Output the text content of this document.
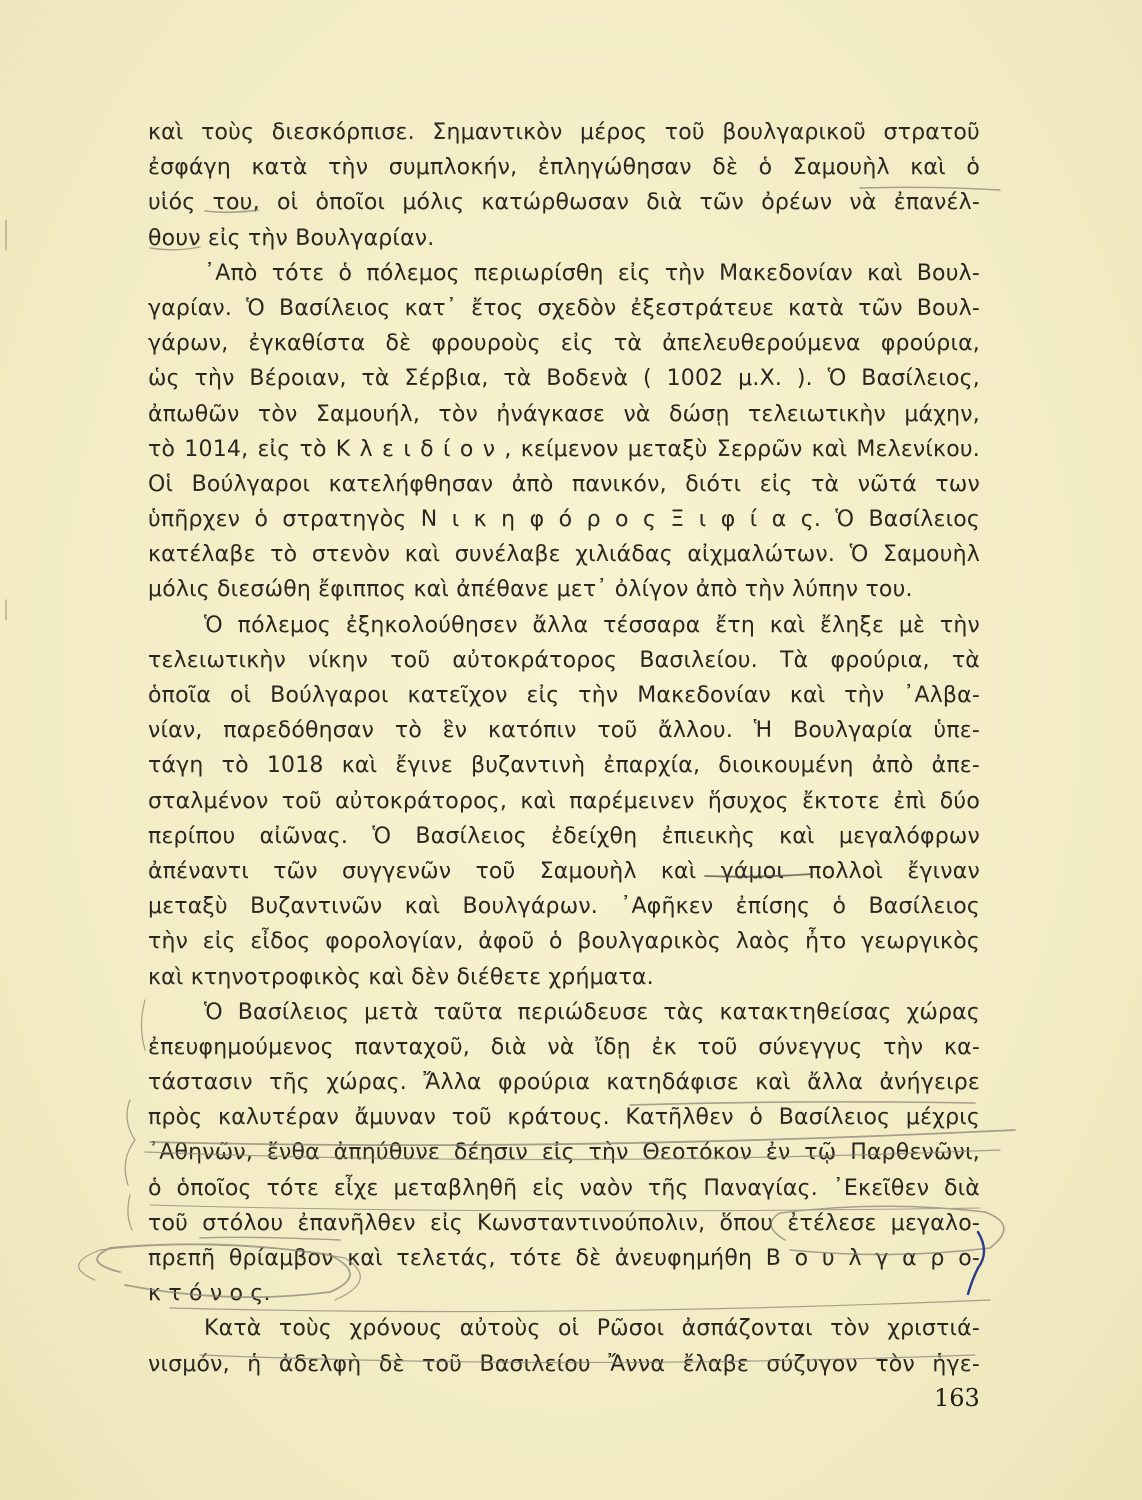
καὶ τοὺς διεσκόρπισε. Σημαντικὸν μέρος τοῦ βουλγαρικοῦ στρατοῦ
ἐσφάγη κατὰ τὴν συμπλοκήν, ἐπληγώθησαν δὲ ὁ Σαμουὴλ καὶ ὁ
υἱός του, οἱ ὁποῖοι μόλις κατώρθωσαν διὰ τῶν ὀρέων νὰ ἐπανέλ-
θουν εἰς τὴν Βουλγαρίαν.
᾿Απὸ τότε ὁ πόλεμος περιωρίσθη εἰς τὴν Μακεδονίαν καὶ Βουλ-
γαρίαν. Ὁ Βασίλειος κατ᾿ ἔτος σχεδὸν ἐξεστράτευε κατὰ τῶν Βουλ-
γάρων, ἐγκαθίστα δὲ φρουροὺς εἰς τὰ ἀπελευθερούμενα φρούρια,
ὡς τὴν Βέροιαν, τὰ Σέρβια, τὰ Βοδενὰ ( 1002 μ.Χ. ). Ὁ Βασίλειος,
ἀπωθῶν τὸν Σαμουήλ, τὸν ἠνάγκασε νὰ δώσῃ τελειωτικὴν μάχην,
τὸ 1014, εἰς τὸ Κ λ ε ι δ ί ο ν , κείμενον μεταξὺ Σερρῶν καὶ Μελενίκου.
Οἱ Βούλγαροι κατελήφθησαν ἀπὸ πανικόν, διότι εἰς τὰ νῶτά των
ὑπῆρχεν ὁ στρατηγὸς Ν ι κ η φ ό ρ ο ς Ξ ι φ ί α ς. Ὁ Βασίλειος
κατέλαβε τὸ στενὸν καὶ συνέλαβε χιλιάδας αἰχμαλώτων. Ὁ Σαμουὴλ
μόλις διεσώθη ἔφιππος καὶ ἀπέθανε μετ᾿ ὀλίγον ἀπὸ τὴν λύπην του.
Ὁ πόλεμος ἐξηκολούθησεν ἄλλα τέσσαρα ἔτη καὶ ἔληξε μὲ τὴν
τελειωτικὴν νίκην τοῦ αὐτοκράτορος Βασιλείου. Τὰ φρούρια, τὰ
ὁποῖα οἱ Βούλγαροι κατεῖχον εἰς τὴν Μακεδονίαν καὶ τὴν ᾿Αλβα-
νίαν, παρεδόθησαν τὸ ἓν κατόπιν τοῦ ἄλλου. Ἡ Βουλγαρία ὑπε-
τάγη τὸ 1018 καὶ ἔγινε βυζαντινὴ ἐπαρχία, διοικουμένη ἀπὸ ἀπε-
σταλμένον τοῦ αὐτοκράτορος, καὶ παρέμεινεν ἥσυχος ἔκτοτε ἐπὶ δύο
περίπου αἰῶνας. Ὁ Βασίλειος ἐδείχθη ἐπιεικὴς καὶ μεγαλόφρων
ἀπέναντι τῶν συγγενῶν τοῦ Σαμουὴλ καὶ γάμοι πολλοὶ ἔγιναν
μεταξὺ Βυζαντινῶν καὶ Βουλγάρων. ᾿Αφῆκεν ἐπίσης ὁ Βασίλειος
τὴν εἰς εἶδος φορολογίαν, ἀφοῦ ὁ βουλγαρικὸς λαὸς ἦτο γεωργικὸς
καὶ κτηνοτροφικὸς καὶ δὲν διέθετε χρήματα.
Ὁ Βασίλειος μετὰ ταῦτα περιώδευσε τὰς κατακτηθείσας χώρας
ἐπευφημούμενος πανταχοῦ, διὰ νὰ ἴδῃ ἐκ τοῦ σύνεγγυς τὴν κα-
τάστασιν τῆς χώρας. Ἄλλα φρούρια κατηδάφισε καὶ ἄλλα ἀνήγειρε
πρὸς καλυτέραν ἄμυναν τοῦ κράτους. Κατῆλθεν ὁ Βασίλειος μέχρις
᾿Αθηνῶν, ἔνθα ἀπηύθυνε δέησιν εἰς τὴν Θεοτόκον ἐν τῷ Παρθενῶνι,
ὁ ὁποῖος τότε εἶχε μεταβληθῆ εἰς ναὸν τῆς Παναγίας. ᾿Εκεῖθεν διὰ
τοῦ στόλου ἐπανῆλθεν εἰς Κωνσταντινούπολιν, ὅπου ἐτέλεσε μεγαλο-
πρεπῆ θρίαμβον καὶ τελετάς, τότε δὲ ἀνευφημήθη Β ο υ λ γ α ρ ο-
κ τ ό ν ο ς.
Κατὰ τοὺς χρόνους αὐτοὺς οἱ Ρῶσοι ἀσπάζονται τὸν χριστιά-
νισμόν, ἡ ἀδελφὴ δὲ τοῦ Βασιλείου Ἄννα ἔλαβε σύζυγον τὸν ἡγε-
163
